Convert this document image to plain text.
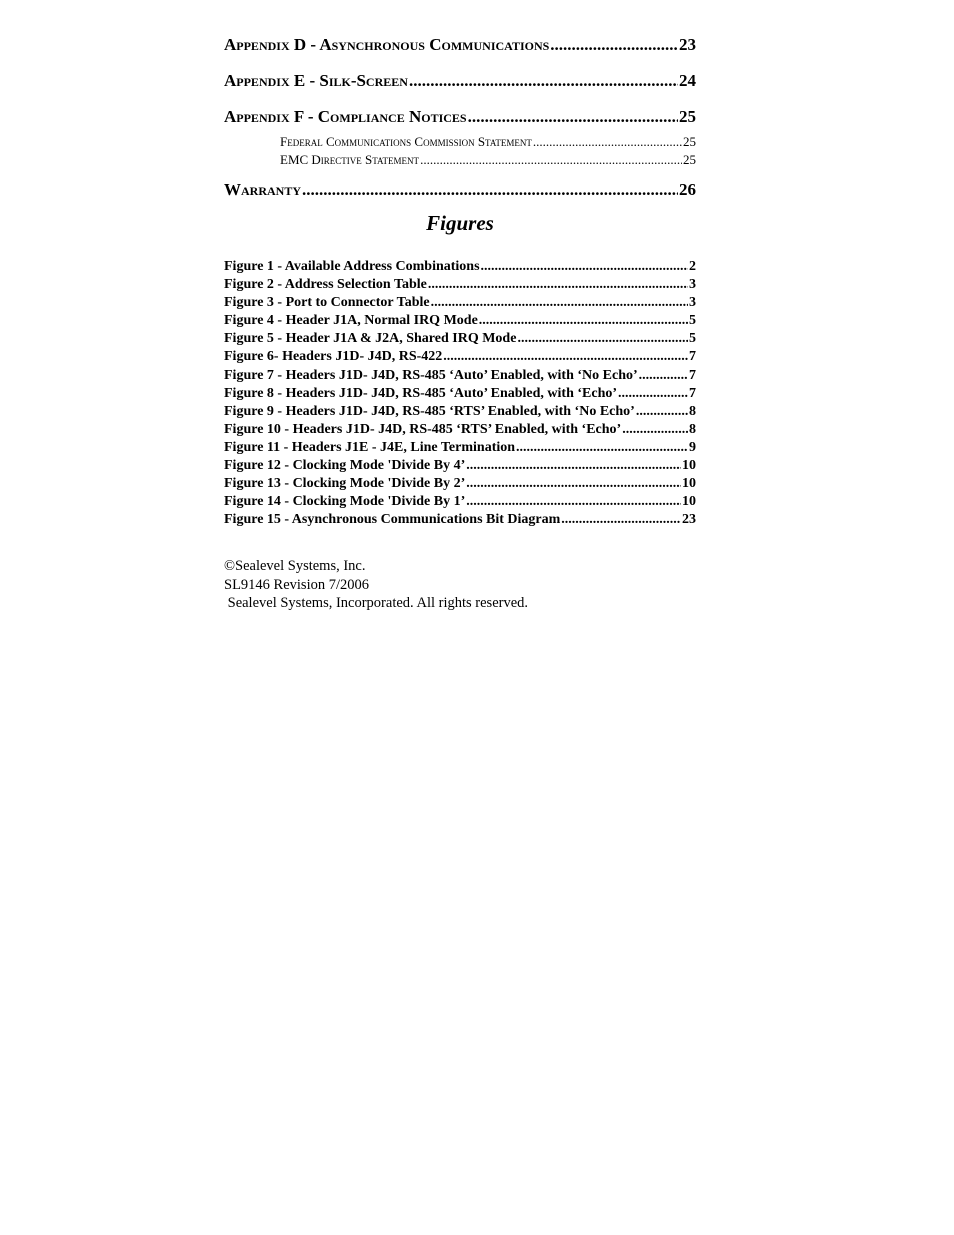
Appendix D - Asynchronous Communications .....	23
Appendix E - Silk-Screen .....	24
Appendix F - Compliance Notices .....	25
Federal Communications Commission Statement .....	25
EMC Directive Statement .....	25
Warranty .....	26
Figures
Figure 1 - Available Address Combinations .....	2
Figure 2 - Address Selection Table .....	3
Figure 3 - Port to Connector Table .....	3
Figure 4 - Header J1A, Normal IRQ Mode .....	5
Figure 5 - Header J1A & J2A, Shared IRQ Mode .....	5
Figure 6- Headers J1D- J4D, RS-422 .....	7
Figure 7 - Headers J1D- J4D, RS-485 ‘Auto’ Enabled, with ‘No Echo’ .....	7
Figure 8 - Headers J1D- J4D, RS-485 ‘Auto’ Enabled, with ‘Echo’ .....	7
Figure 9 - Headers J1D- J4D, RS-485 ‘RTS’ Enabled, with ‘No Echo’ .....	8
Figure 10 - Headers J1D- J4D, RS-485 ‘RTS’ Enabled, with ‘Echo’ .....	8
Figure 11 - Headers J1E - J4E, Line Termination .....	9
Figure 12 - Clocking Mode 'Divide By 4’ .....	10
Figure 13 - Clocking Mode 'Divide By 2’ .....	10
Figure 14 - Clocking Mode 'Divide By 1’ .....	10
Figure 15 - Asynchronous Communications Bit Diagram .....	23
©Sealevel Systems, Inc.
SL9146 Revision 7/2006
Sealevel Systems, Incorporated. All rights reserved.
